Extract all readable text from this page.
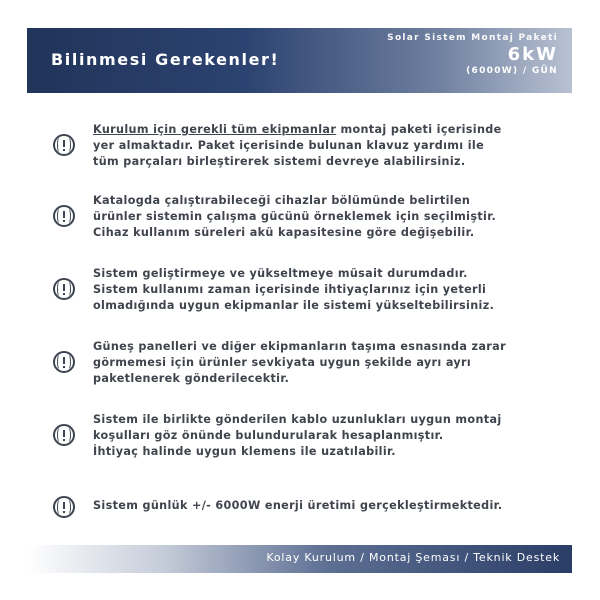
Bilinmesi Gerekenler!
Solar Sistem Montaj Paketi
6kW
(6000W) / GÜN
Kurulum için gerekli tüm ekipmanlar montaj paketi içerisinde
yer almaktadır. Paket içerisinde bulunan klavuz yardımı ile
tüm parçaları birleştirerek sistemi devreye alabilirsiniz.
Katalogda çalıştırabileceği cihazlar bölümünde belirtilen
ürünler sistemin çalışma gücünü örneklemek için seçilmiştir.
Cihaz kullanım süreleri akü kapasitesine göre değişebilir.
Sistem geliştirmeye ve yükseltmeye müsait durumdadır.
Sistem kullanımı zaman içerisinde ihtiyaçlarınız için yeterli
olmadığında uygun ekipmanlar ile sistemi yükseltebilirsiniz.
Güneş panelleri ve diğer ekipmanların taşıma esnasında zarar
görmemesi için ürünler sevkiyata uygun şekilde ayrı ayrı
paketlenerek gönderilecektir.
Sistem ile birlikte gönderilen kablo uzunlukları uygun montaj
koşulları göz önünde bulundurularak hesaplanmıştır.
İhtiyaç halinde uygun klemens ile uzatılabilir.
Sistem günlük +/- 6000W enerji üretimi gerçekleştirmektedir.
Kolay Kurulum / Montaj Şeması / Teknik Destek
